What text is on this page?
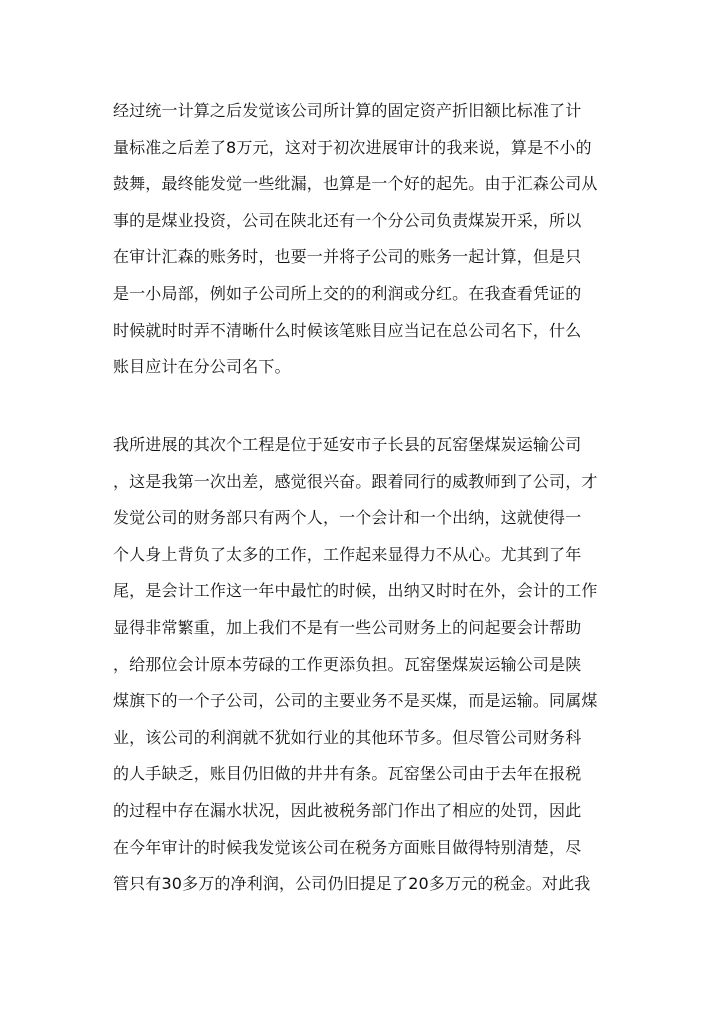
经过统一计算之后发觉该公司所计算的固定资产折旧额比标准了计
量标准之后差了8万元，这对于初次进展审计的我来说，算是不小的
鼓舞，最终能发觉一些纰漏，也算是一个好的起先。由于汇森公司从
事的是煤业投资，公司在陕北还有一个分公司负责煤炭开采，所以
在审计汇森的账务时，也要一并将子公司的账务一起计算，但是只
是一小局部，例如子公司所上交的的利润或分红。在我查看凭证的
时候就时时弄不清晰什么时候该笔账目应当记在总公司名下，什么
账目应计在分公司名下。
我所进展的其次个工程是位于延安市子长县的瓦窑堡煤炭运输公司
，这是我第一次出差，感觉很兴奋。跟着同行的威教师到了公司，才
发觉公司的财务部只有两个人，一个会计和一个出纳，这就使得一
个人身上背负了太多的工作，工作起来显得力不从心。尤其到了年
尾，是会计工作这一年中最忙的时候，出纳又时时在外，会计的工作
显得非常繁重，加上我们不是有一些公司财务上的问起要会计帮助
，给那位会计原本劳碌的工作更添负担。瓦窑堡煤炭运输公司是陕
煤旗下的一个子公司，公司的主要业务不是买煤，而是运输。同属煤
业，该公司的利润就不犹如行业的其他环节多。但尽管公司财务科
的人手缺乏，账目仍旧做的井井有条。瓦窑堡公司由于去年在报税
的过程中存在漏水状况，因此被税务部门作出了相应的处罚，因此
在今年审计的时候我发觉该公司在税务方面账目做得特别清楚，尽
管只有30多万的净利润，公司仍旧提足了20多万元的税金。对此我
